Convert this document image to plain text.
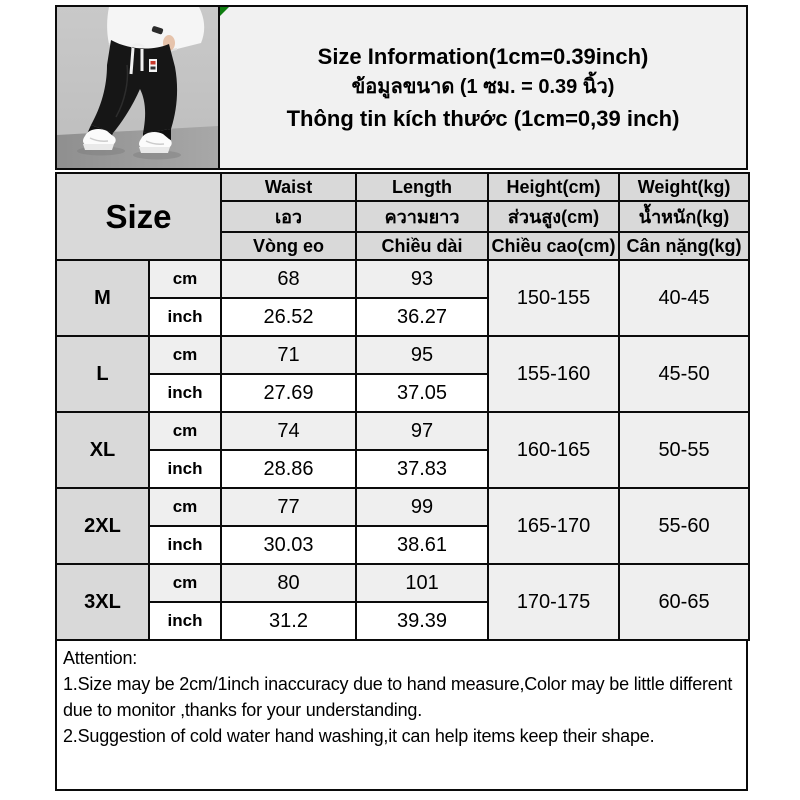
Size Information(1cm=0.39inch)
ข้อมูลขนาด (1 ซม. = 0.39 นิ้ว)
Thông tin kích thước (1cm=0,39 inch)
Size		Waist	Length	Height(cm)	Weight(kg)
		เอว	ความยาว	ส่วนสูง(cm)	น้ำหนัก(kg)
		Vòng eo	Chiều dài	Chiều cao(cm)	Cân nặng(kg)
M	cm	68	93	150-155	40-45
	inch	26.52	36.27		
L	cm	71	95	155-160	45-50
	inch	27.69	37.05		
XL	cm	74	97	160-165	50-55
	inch	28.86	37.83		
2XL	cm	77	99	165-170	55-60
	inch	30.03	38.61		
3XL	cm	80	101	170-175	60-65
	inch	31.2	39.39		
Attention:
1.Size may be 2cm/1inch inaccuracy due to hand measure,Color may be little different due to monitor ,thanks for your understanding.
2.Suggestion of cold water hand washing,it can help items keep their shape.
